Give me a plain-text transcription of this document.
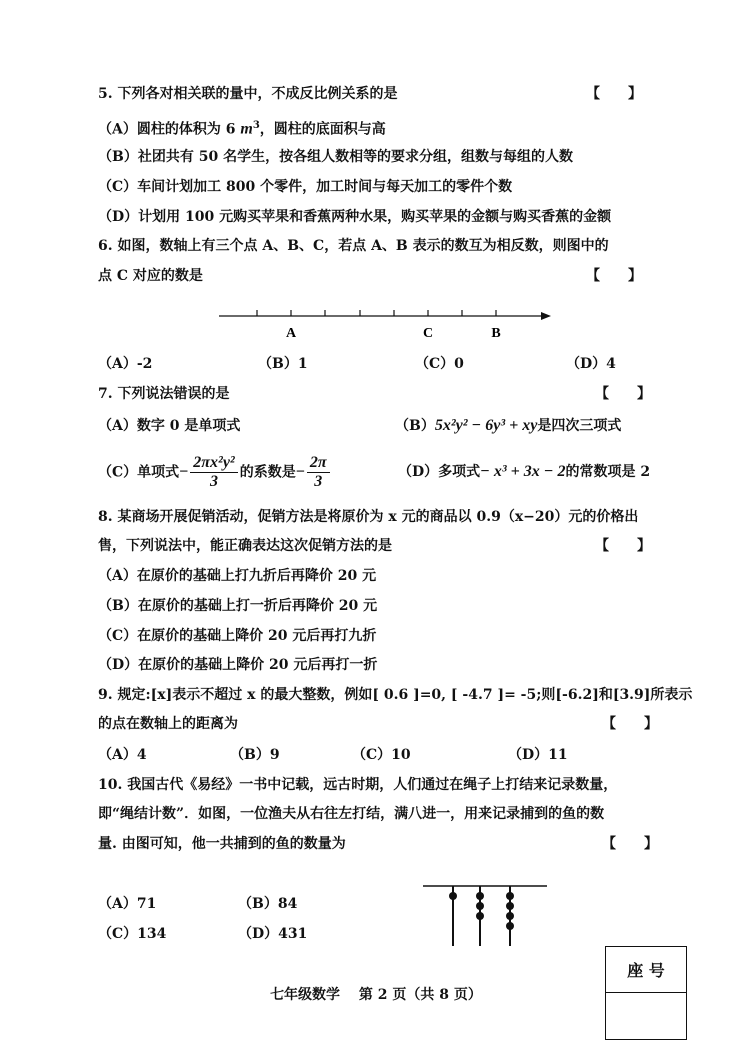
5. 下列各对相关联的量中，不成反比例关系的是	【　　】
（A）圆柱的体积为 6 $m^3$，圆柱的底面积与高
（B）社团共有 50 名学生，按各组人数相等的要求分组，组数与每组的人数
（C）车间计划加工 800 个零件，加工时间与每天加工的零件个数
（D）计划用 100 元购买苹果和香蕉两种水果，购买苹果的金额与购买香蕉的金额
6. 如图，数轴上有三个点 A、B、C，若点 A、B 表示的数互为相反数，则图中的
点 C 对应的数是	【　　】
A	C	B
（A）-2	（B）1	（C）0	（D）4
7. 下列说法错误的是	【　　】
（A）数字 0 是单项式	（B）5x²y² − 6y³ + xy是四次三项式
（C）单项式− $\frac{\text{2πx²y²}}{3}$ 的系数是− $\frac{2\pi}{3}$	（D）多项式− x³ + 3x − 2的常数项是 2
8. 某商场开展促销活动，促销方法是将原价为 x 元的商品以 0.9（x−20）元的价格出
售，下列说法中，能正确表达这次促销方法的是	【　　】
（A）在原价的基础上打九折后再降价 20 元
（B）在原价的基础上打一折后再降价 20 元
（C）在原价的基础上降价 20 元后再打九折
（D）在原价的基础上降价 20 元后再打一折
9. 规定:[x]表示不超过 x 的最大整数，例如[ 0.6 ]=0, [ -4.7 ]= -5;则[-6.2]和[3.9]所表示
的点在数轴上的距离为	【　　】
（A）4	（B）9	（C）10	（D）11
10. 我国古代《易经》一书中记载，远古时期，人们通过在绳子上打结来记录数量，
即“绳结计数”．如图，一位渔夫从右往左打结，满八进一，用来记录捕到的鱼的数
量. 由图可知，他一共捕到的鱼的数量为	【　　】
（A）71	（B）84
（C）134	（D）431
七年级数学　 第 2 页（共 8 页）
座 号
